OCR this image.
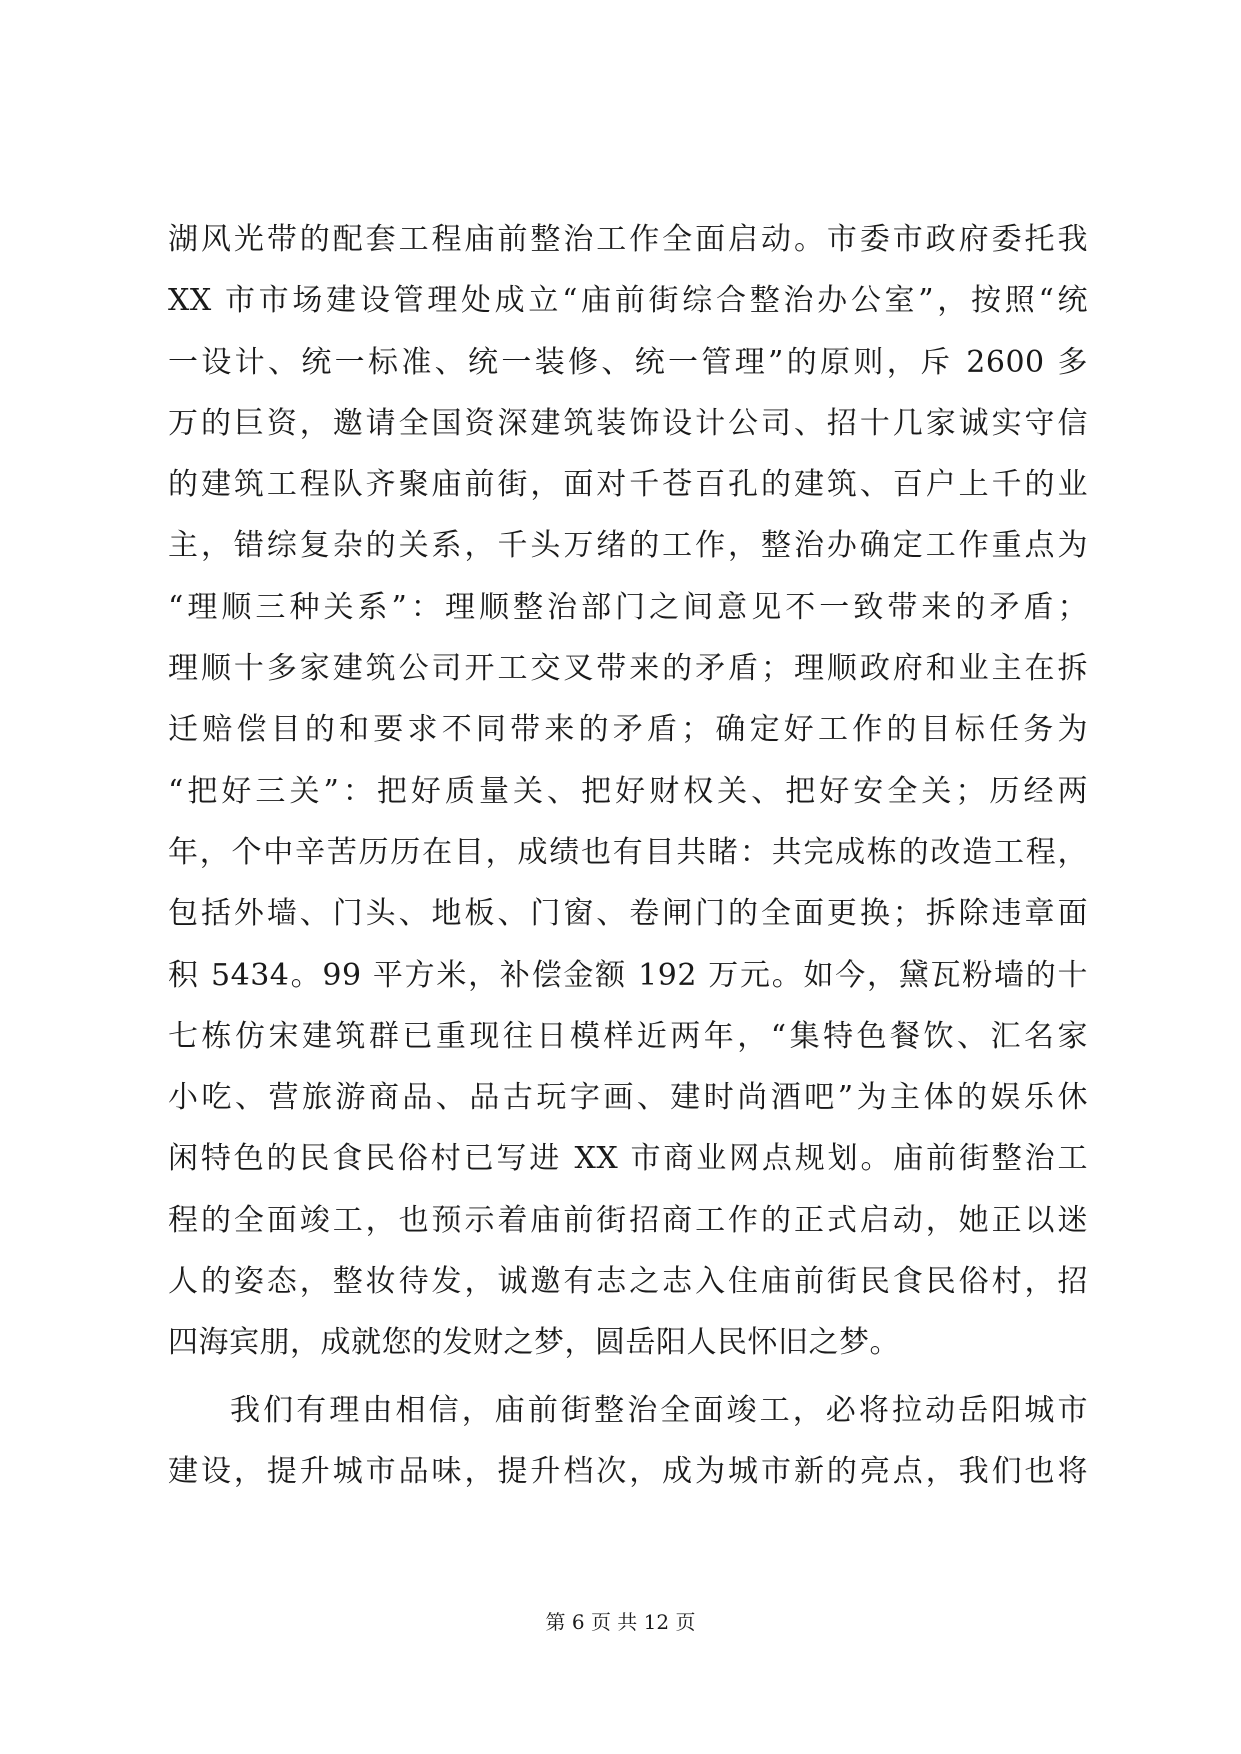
湖风光带的配套工程庙前整治工作全面启动。市委市政府委托我
XX 市市场建设管理处成立“庙前街综合整治办公室”，按照“统
一设计、统一标准、统一装修、统一管理”的原则，斥 2600 多
万的巨资，邀请全国资深建筑装饰设计公司、招十几家诚实守信
的建筑工程队齐聚庙前街，面对千苍百孔的建筑、百户上千的业
主，错综复杂的关系，千头万绪的工作，整治办确定工作重点为
“理顺三种关系”：理顺整治部门之间意见不一致带来的矛盾；
理顺十多家建筑公司开工交叉带来的矛盾；理顺政府和业主在拆
迁赔偿目的和要求不同带来的矛盾；确定好工作的目标任务为
“把好三关”：把好质量关、把好财权关、把好安全关；历经两
年，个中辛苦历历在目，成绩也有目共睹：共完成栋的改造工程，
包括外墙、门头、地板、门窗、卷闸门的全面更换；拆除违章面
积 5434。99 平方米，补偿金额 192 万元。如今，黛瓦粉墙的十
七栋仿宋建筑群已重现往日模样近两年，“集特色餐饮、汇名家
小吃、营旅游商品、品古玩字画、建时尚酒吧”为主体的娱乐休
闲特色的民食民俗村已写进 XX 市商业网点规划。庙前街整治工
程的全面竣工，也预示着庙前街招商工作的正式启动，她正以迷
人的姿态，整妆待发，诚邀有志之志入住庙前街民食民俗村，招
四海宾朋，成就您的发财之梦，圆岳阳人民怀旧之梦。
我们有理由相信，庙前街整治全面竣工，必将拉动岳阳城市
建设，提升城市品味，提升档次，成为城市新的亮点，我们也将
第 6 页 共 12 页
